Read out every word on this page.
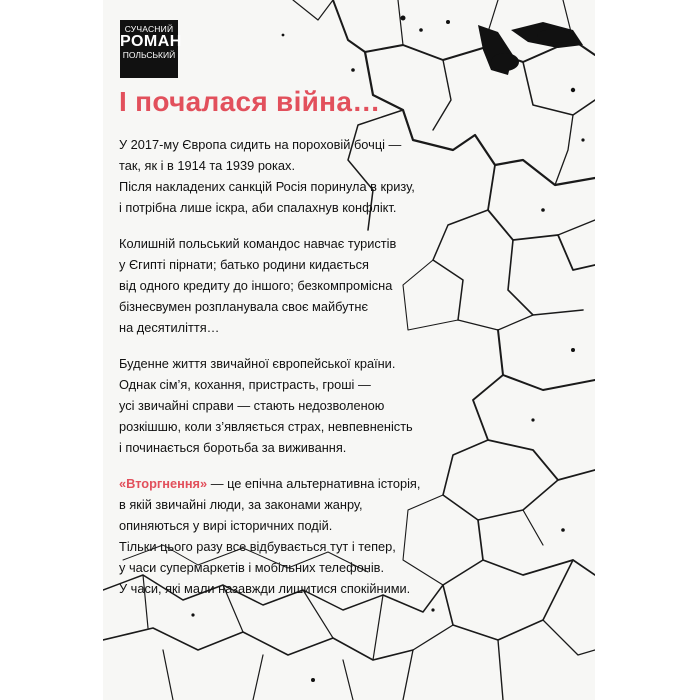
СУЧАСНИЙ
РОМАН
ПОЛЬСЬКИЙ
І почалася війна…

У 2017-му Європа сидить на пороховій бочці —
так, як і в 1914 та 1939 роках.
Після накладених санкцій Росія поринула в кризу,
і потрібна лише іскра, аби спалахнув конфлікт.

Колишній польський командос навчає туристів
у Єгипті пірнати; батько родини кидається
від одного кредиту до іншого; безкомпромісна
бізнесвумен розпланувала своє майбутнє
на десятиліття…

Буденне життя звичайної європейської країни.
Однак сім’я, кохання, пристрасть, гроші —
усі звичайні справи — стають недозволеною
розкішшю, коли з’являється страх, невпевненість
і починається боротьба за виживання.

«Вторгнення» — це епічна альтернативна історія,
в якій звичайні люди, за законами жанру,
опиняються у вирі історичних подій.
Тільки цього разу все відбувається тут і тепер,
у часи супермаркетів і мобільних телефонів.
У часи, які мали назавжди лишитися спокійними.
